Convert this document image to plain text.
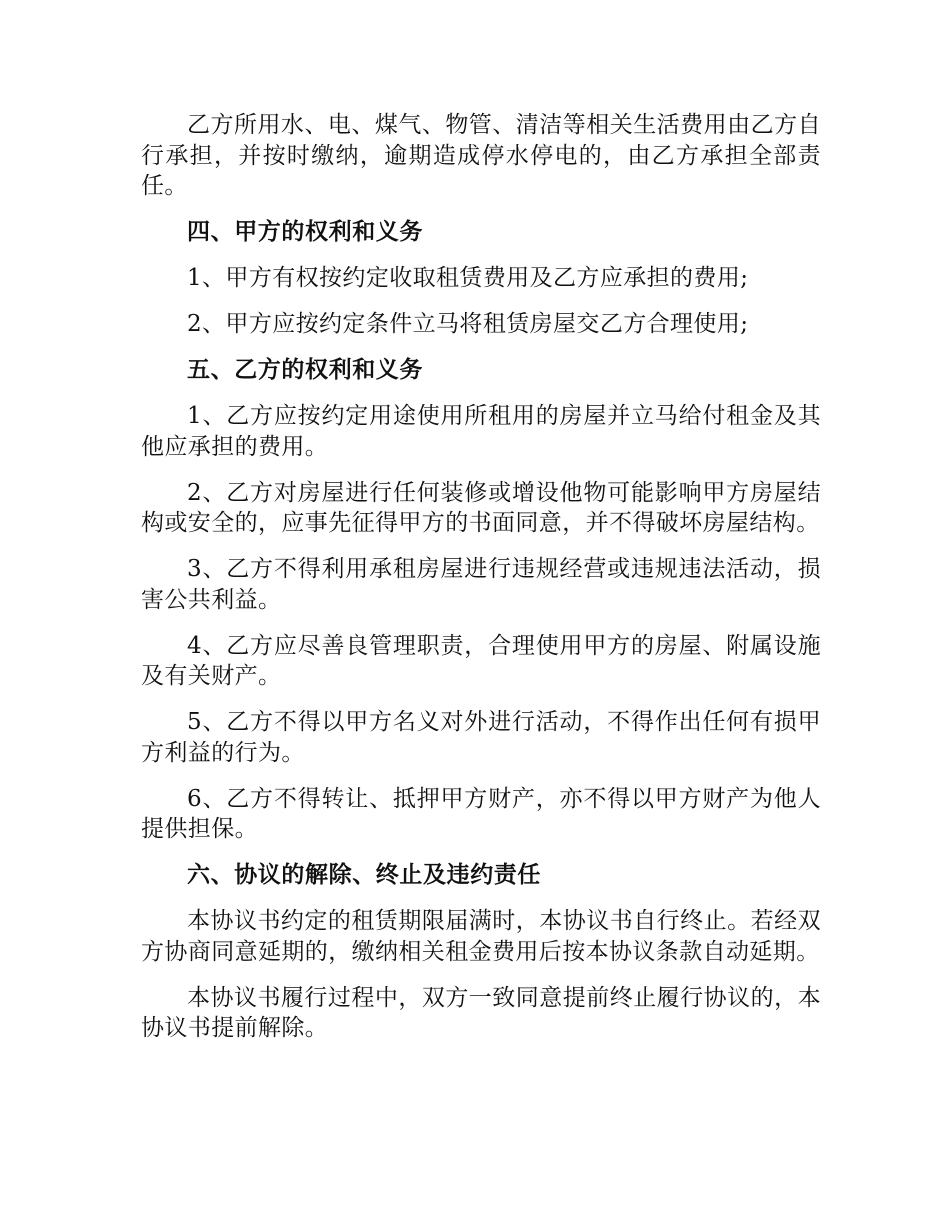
乙方所用水、电、煤气、物管、清洁等相关生活费用由乙方自行承担，并按时缴纳，逾期造成停水停电的，由乙方承担全部责任。

四、甲方的权利和义务

1、甲方有权按约定收取租赁费用及乙方应承担的费用;

2、甲方应按约定条件立马将租赁房屋交乙方合理使用;

五、乙方的权利和义务

1、乙方应按约定用途使用所租用的房屋并立马给付租金及其他应承担的费用。

2、乙方对房屋进行任何装修或增设他物可能影响甲方房屋结构或安全的，应事先征得甲方的书面同意，并不得破坏房屋结构。

3、乙方不得利用承租房屋进行违规经营或违规违法活动，损害公共利益。

4、乙方应尽善良管理职责，合理使用甲方的房屋、附属设施及有关财产。

5、乙方不得以甲方名义对外进行活动，不得作出任何有损甲方利益的行为。

6、乙方不得转让、抵押甲方财产，亦不得以甲方财产为他人提供担保。

六、协议的解除、终止及违约责任

本协议书约定的租赁期限届满时，本协议书自行终止。若经双方协商同意延期的，缴纳相关租金费用后按本协议条款自动延期。

本协议书履行过程中，双方一致同意提前终止履行协议的，本协议书提前解除。
